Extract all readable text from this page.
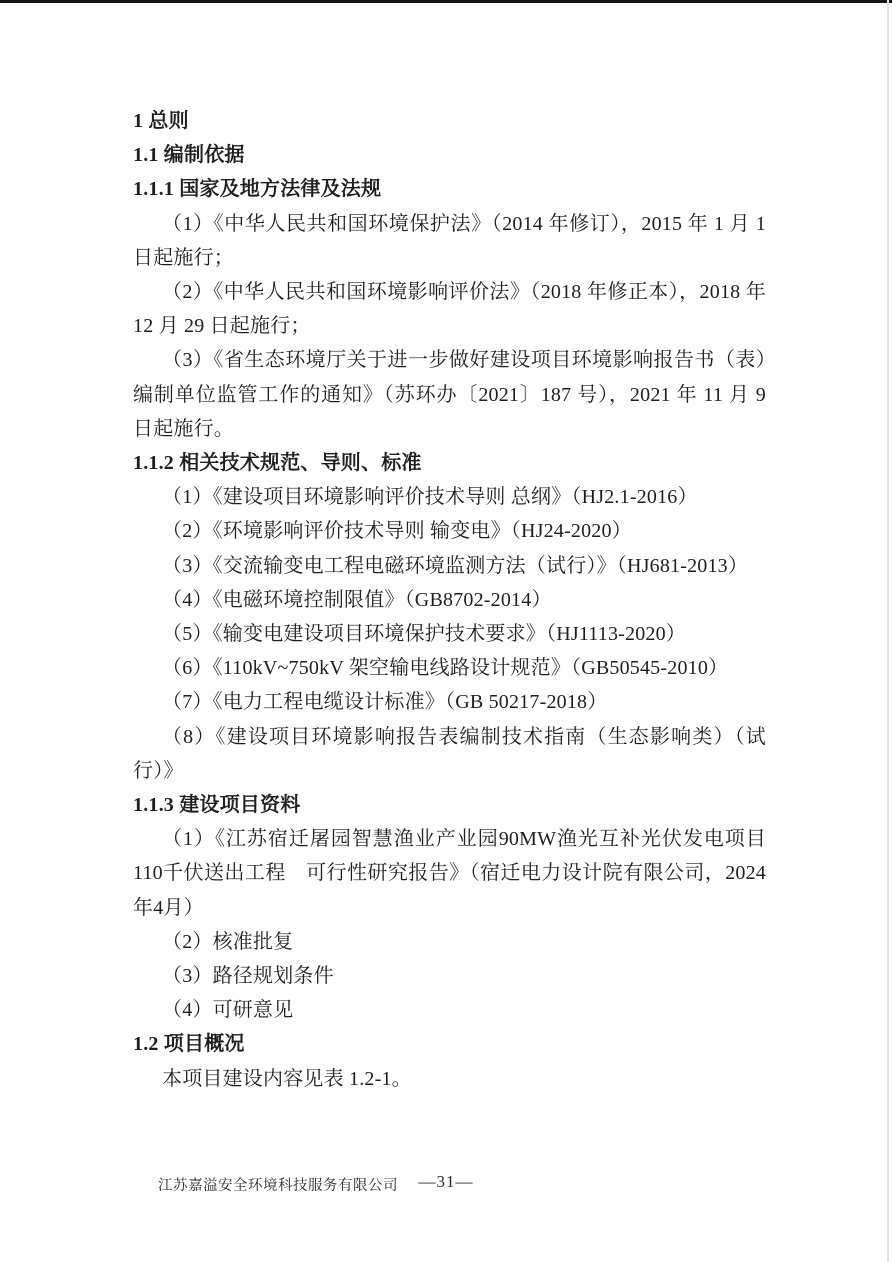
1 总则
1.1 编制依据
1.1.1 国家及地方法律及法规
（1）《中华人民共和国环境保护法》（2014 年修订），2015 年 1 月 1 日起施行；
（2）《中华人民共和国环境影响评价法》（2018 年修正本），2018 年 12 月 29 日起施行；
（3）《省生态环境厅关于进一步做好建设项目环境影响报告书（表）编制单位监管工作的通知》（苏环办〔2021〕187 号），2021 年 11 月 9 日起施行。
1.1.2 相关技术规范、导则、标准
（1）《建设项目环境影响评价技术导则 总纲》（HJ2.1-2016）
（2）《环境影响评价技术导则 输变电》（HJ24-2020）
（3）《交流输变电工程电磁环境监测方法（试行）》（HJ681-2013）
（4）《电磁环境控制限值》（GB8702-2014）
（5）《输变电建设项目环境保护技术要求》（HJ1113-2020）
（6）《110kV~750kV 架空输电线路设计规范》（GB50545-2010）
（7）《电力工程电缆设计标准》（GB 50217-2018）
（8）《建设项目环境影响报告表编制技术指南（生态影响类）（试行）》
1.1.3 建设项目资料
（1）《江苏宿迁屠园智慧渔业产业园90MW渔光互补光伏发电项目110千伏送出工程　可行性研究报告》（宿迁电力设计院有限公司，2024年4月）
（2）核准批复
（3）路径规划条件
（4）可研意见
1.2 项目概况
本项目建设内容见表 1.2-1。
江苏嘉溢安全环境科技服务有限公司	—31—
